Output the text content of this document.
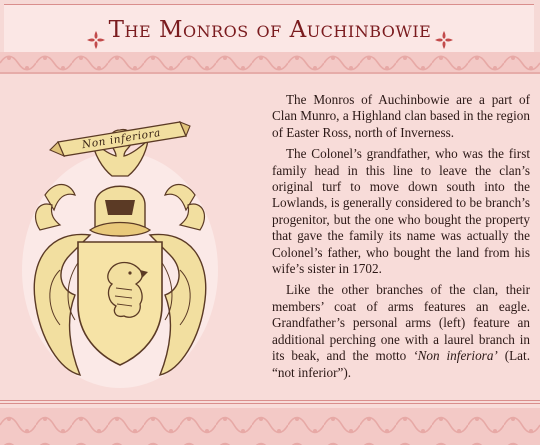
The Monros of Auchinbowie
Non inferiora

The Monros of Auchinbowie are a part of Clan Munro, a Highland clan based in the region of Easter Ross, north of Inverness.

The Colonel’s grandfather, who was the first family head in this line to leave the clan’s original turf to move down south into the Lowlands, is generally considered to be branch’s progenitor, but the one who bought the property that gave the family its name was actually the Colonel’s father, who bought the land from his wife’s sister in 1702.

Like the other branches of the clan, their members’ coat of arms features an eagle. Grandfather’s personal arms (left) feature an additional perching one with a laurel branch in its beak, and the motto ‘Non inferiora’ (Lat. “not inferior”).
